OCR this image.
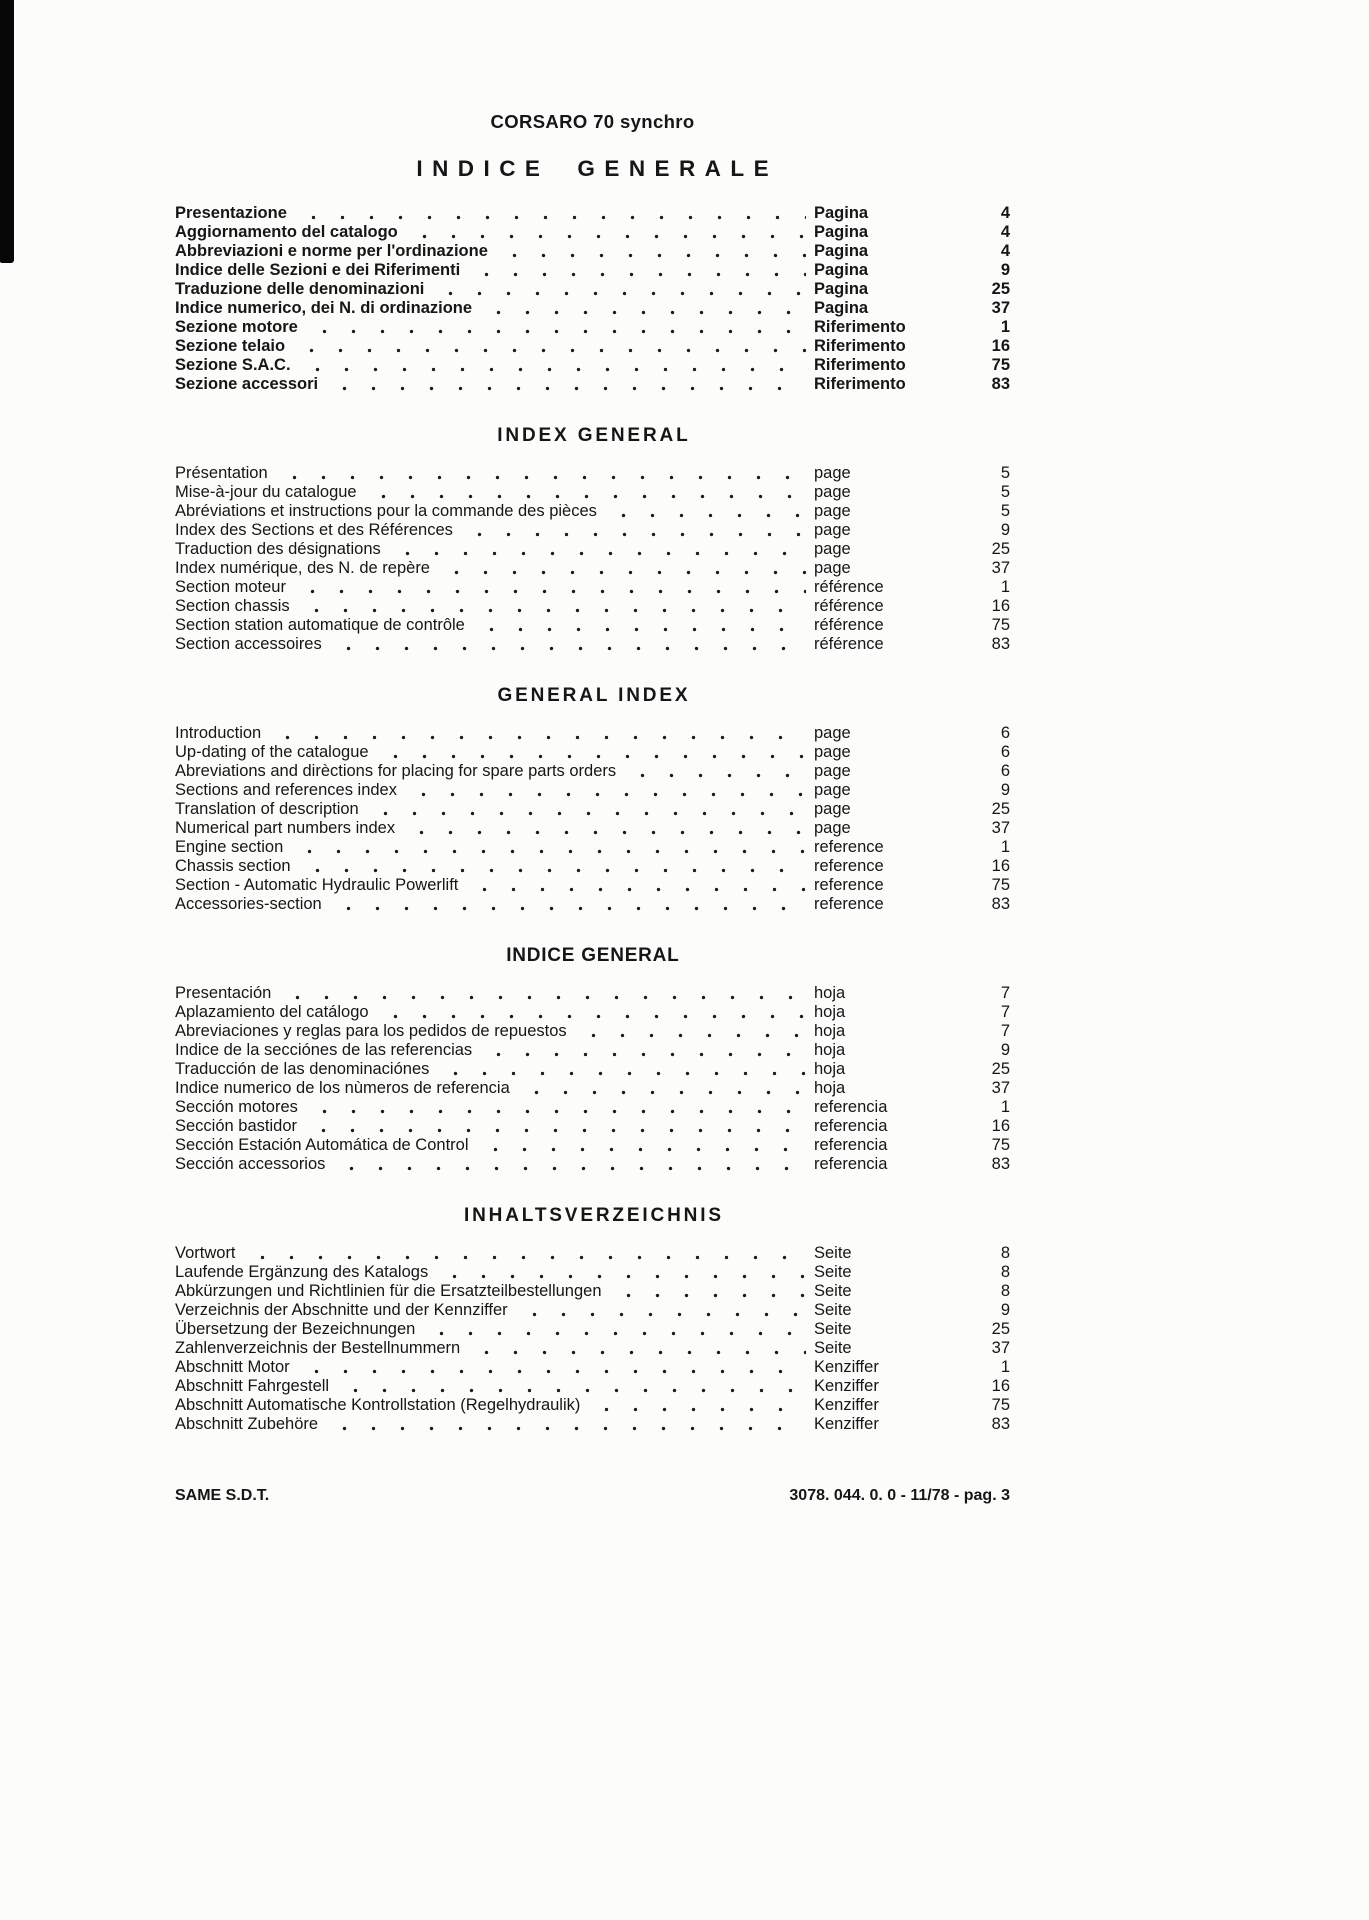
CORSARO 70 synchro
INDICE GENERALE
Presentazione	Pagina	4
Aggiornamento del catalogo	Pagina	4
Abbreviazioni e norme per l'ordinazione	Pagina	4
Indice delle Sezioni e dei Riferimenti	Pagina	9
Traduzione delle denominazioni	Pagina	25
Indice numerico, dei N. di ordinazione	Pagina	37
Sezione motore	Riferimento	1
Sezione telaio	Riferimento	16
Sezione S.A.C.	Riferimento	75
Sezione accessori	Riferimento	83
INDEX GENERAL
Présentation	page	5
Mise-à-jour du catalogue	page	5
Abréviations et instructions pour la commande des pièces	page	5
Index des Sections et des Références	page	9
Traduction des désignations	page	25
Index numérique, des N. de repère	page	37
Section moteur	référence	1
Section chassis	référence	16
Section station automatique de contrôle	référence	75
Section accessoires	référence	83
GENERAL INDEX
Introduction	page	6
Up-dating of the catalogue	page	6
Abreviations and dirèctions for placing for spare parts orders	page	6
Sections and references index	page	9
Translation of description	page	25
Numerical part numbers index	page	37
Engine section	reference	1
Chassis section	reference	16
Section - Automatic Hydraulic Powerlift	reference	75
Accessories-section	reference	83
INDICE GENERAL
Presentación	hoja	7
Aplazamiento del catálogo	hoja	7
Abreviaciones y reglas para los pedidos de repuestos	hoja	7
Indice de la secciónes de las referencias	hoja	9
Traducción de las denominaciónes	hoja	25
Indice numerico de los nùmeros de referencia	hoja	37
Sección motores	referencia	1
Sección bastidor	referencia	16
Sección Estación Automática de Control	referencia	75
Sección accessorios	referencia	83
INHALTSVERZEICHNIS
Vortwort	Seite	8
Laufende Ergänzung des Katalogs	Seite	8
Abkürzungen und Richtlinien für die Ersatzteilbestellungen	Seite	8
Verzeichnis der Abschnitte und der Kennziffer	Seite	9
Übersetzung der Bezeichnungen	Seite	25
Zahlenverzeichnis der Bestellnummern	Seite	37
Abschnitt Motor	Kenziffer	1
Abschnitt Fahrgestell	Kenziffer	16
Abschnitt Automatische Kontrollstation (Regelhydraulik)	Kenziffer	75
Abschnitt Zubehöre	Kenziffer	83
SAME S.D.T.	3078. 044. 0. 0 - 11/78 - pag. 3
